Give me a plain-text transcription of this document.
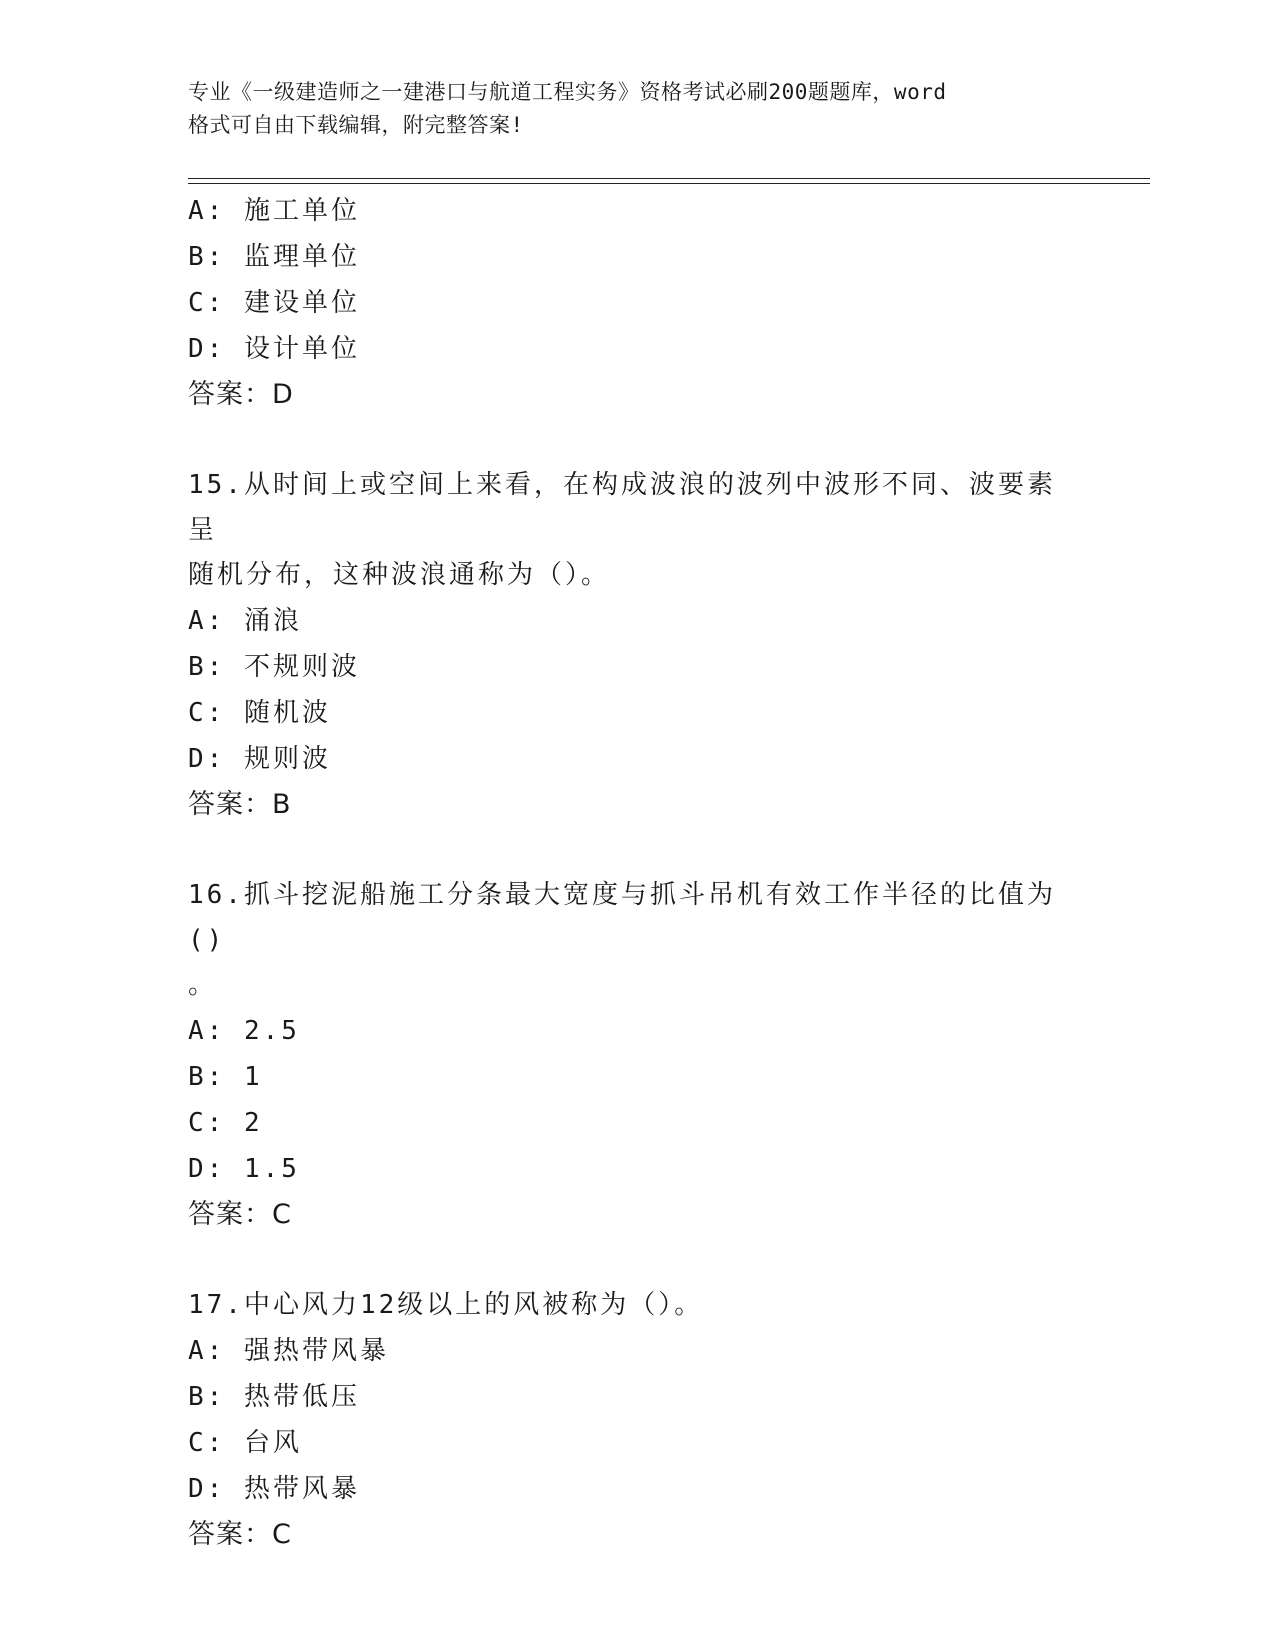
专业《一级建造师之一建港口与航道工程实务》资格考试必刷200题题库，word
格式可自由下载编辑，附完整答案!
A: 施工单位
B: 监理单位
C: 建设单位
D: 设计单位
答案：D
15.从时间上或空间上来看，在构成波浪的波列中波形不同、波要素呈
随机分布，这种波浪通称为（）。
A: 涌浪
B: 不规则波
C: 随机波
D: 规则波
答案：B
16.抓斗挖泥船施工分条最大宽度与抓斗吊机有效工作半径的比值为()
。
A: 2.5
B: 1
C: 2
D: 1.5
答案：C
17.中心风力12级以上的风被称为（）。
A: 强热带风暴
B: 热带低压
C: 台风
D: 热带风暴
答案：C
